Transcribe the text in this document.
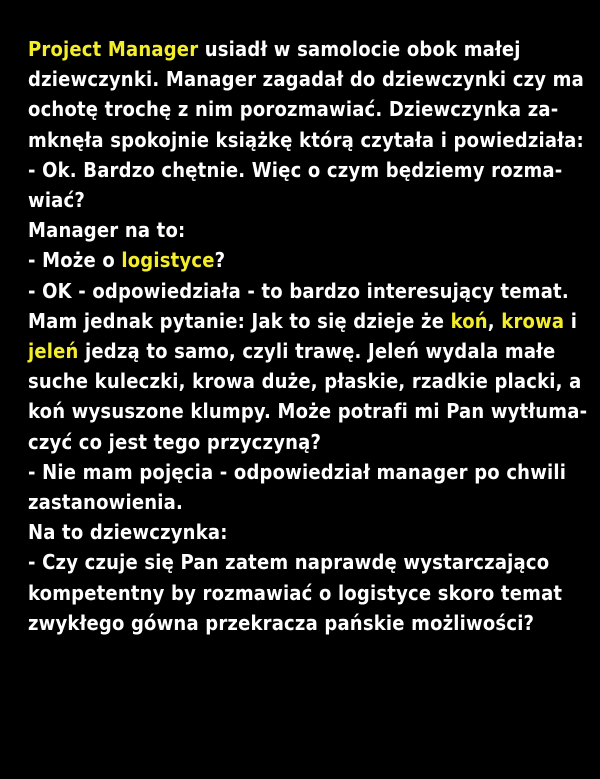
Project Manager usiadł w samolocie obok małej
dziewczynki. Manager zagadał do dziewczynki czy ma
ochotę trochę z nim porozmawiać. Dziewczynka za-
mknęła spokojnie książkę którą czytała i powiedziała:
- Ok. Bardzo chętnie. Więc o czym będziemy rozma-
wiać?
Manager na to:
- Może o logistyce?
- OK - odpowiedziała - to bardzo interesujący temat.
Mam jednak pytanie: Jak to się dzieje że koń, krowa i
jeleń jedzą to samo, czyli trawę. Jeleń wydala małe
suche kuleczki, krowa duże, płaskie, rzadkie placki, a
koń wysuszone klumpy. Może potrafi mi Pan wytłuma-
czyć co jest tego przyczyną?
- Nie mam pojęcia - odpowiedział manager po chwili
zastanowienia.
Na to dziewczynka:
- Czy czuje się Pan zatem naprawdę wystarczająco
kompetentny by rozmawiać o logistyce skoro temat
zwykłego gówna przekracza pańskie możliwości?
